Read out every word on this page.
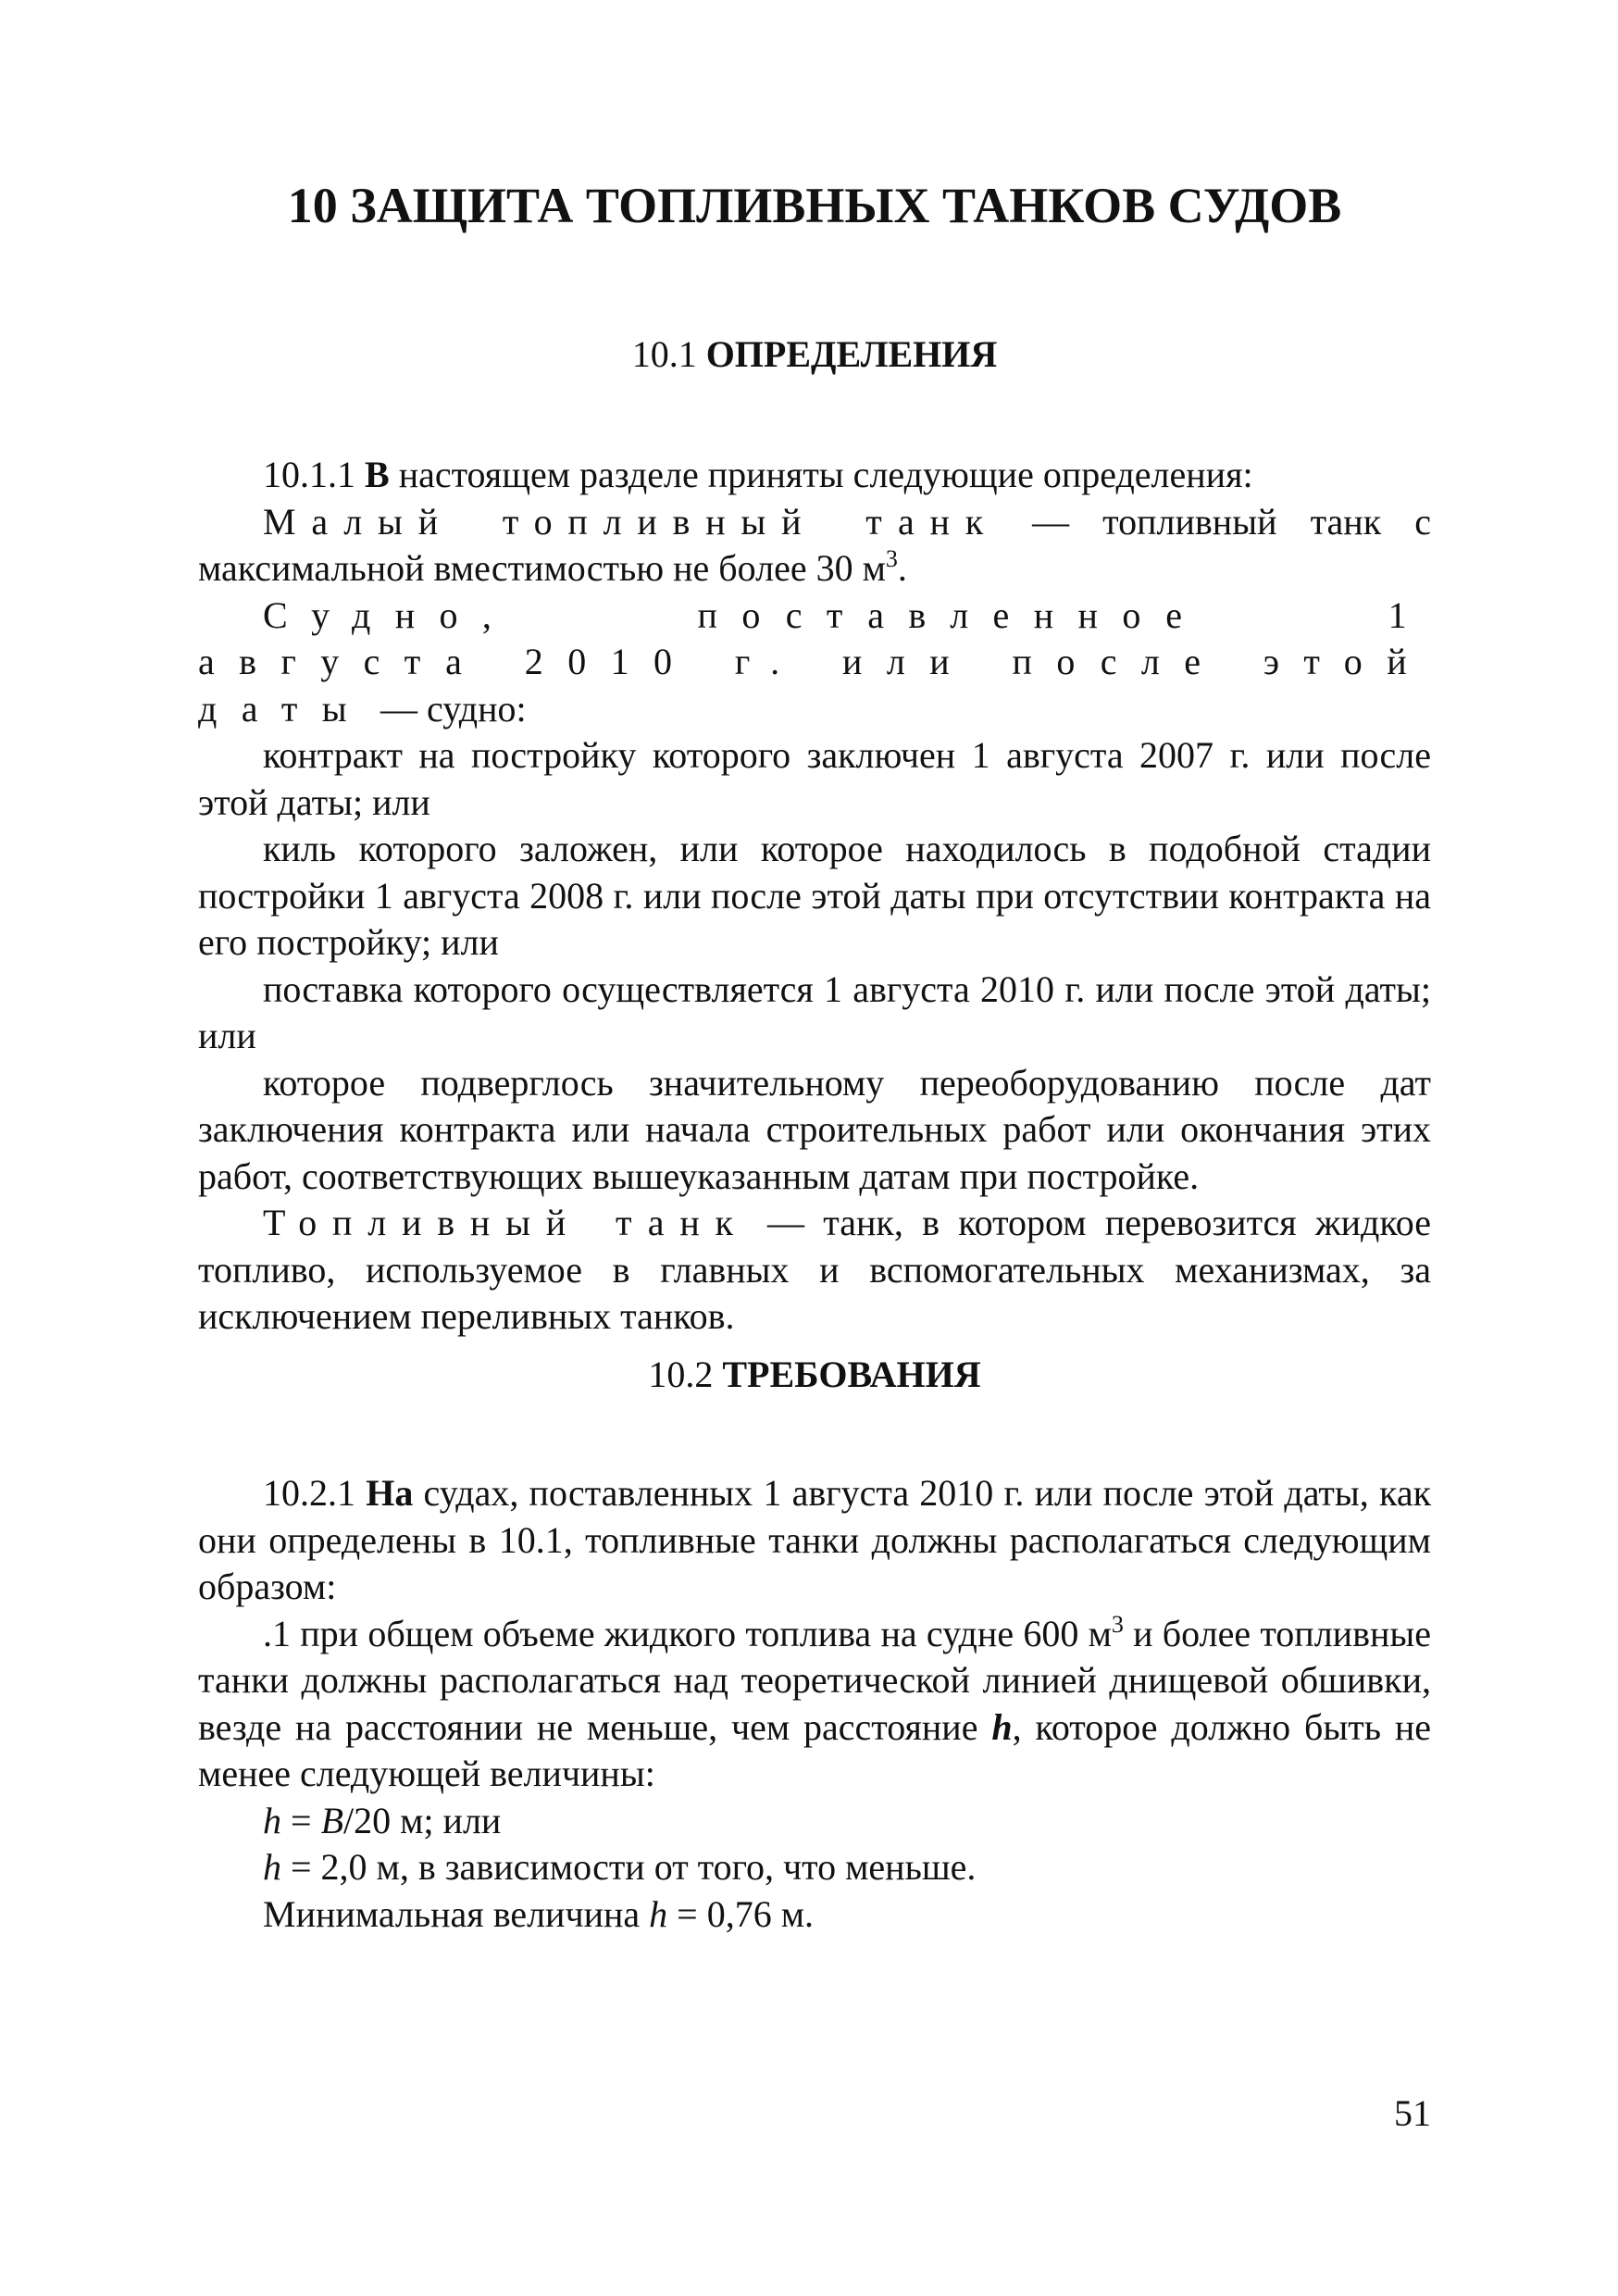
10 ЗАЩИТА ТОПЛИВНЫХ ТАНКОВ СУДОВ
10.1 ОПРЕДЕЛЕНИЯ

10.1.1 В настоящем разделе приняты следующие определения:

Малый топливный танк — топливный танк с максимальной вместимостью не более 30 $м^3$.

Судно, поставленное 1 августа 2010 г. или после этой даты — судно:

контракт на постройку которого заключен 1 августа 2007 г. или после этой даты; или

киль которого заложен, или которое находилось в подобной стадии постройки 1 августа 2008 г. или после этой даты при отсутствии контракта на его постройку; или

поставка которого осуществляется 1 августа 2010 г. или после этой даты; или

которое подверглось значительному переоборудованию после дат заключения контракта или начала строительных работ или окончания этих работ, соответствующих вышеуказанным датам при постройке.

Топливный танк — танк, в котором перевозится жидкое топливо, используемое в главных и вспомогательных механизмах, за исключением переливных танков.

10.2 ТРЕБОВАНИЯ

10.2.1 На судах, поставленных 1 августа 2010 г. или после этой даты, как они определены в 10.1, топливные танки должны располагаться следующим образом:

.1 при общем объеме жидкого топлива на судне 600 $м^3$ и более топливные танки должны располагаться над теоретической линией днищевой обшивки, везде на расстоянии не меньше, чем расстояние h, которое должно быть не менее следующей величины:

h = B/20 м; или

h = 2,0 м, в зависимости от того, что меньше.

Минимальная величина h = 0,76 м.

51
